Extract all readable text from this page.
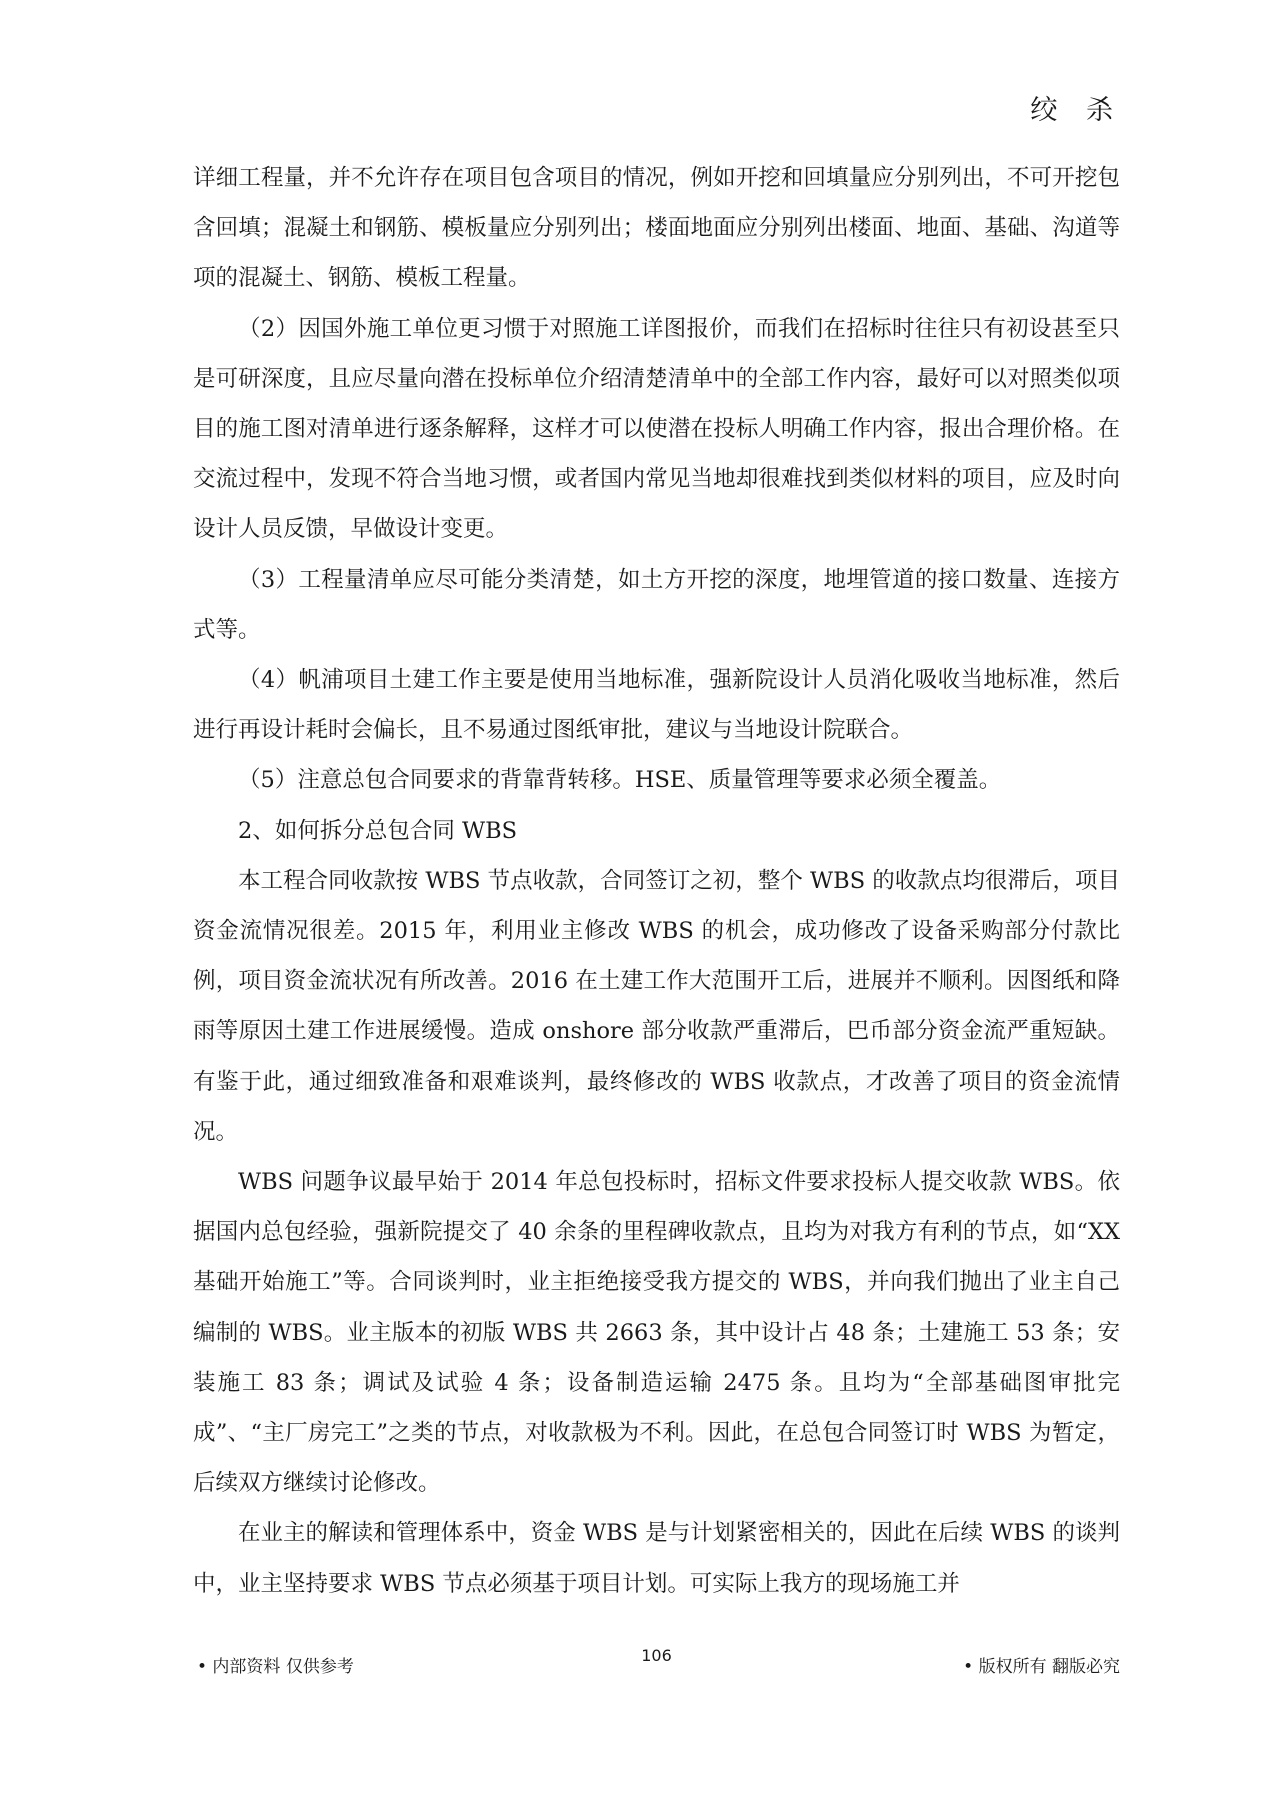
绞 杀

详细工程量，并不允许存在项目包含项目的情况，例如开挖和回填量应分别列出，不可开挖包含回填；混凝土和钢筋、模板量应分别列出；楼面地面应分别列出楼面、地面、基础、沟道等项的混凝土、钢筋、模板工程量。

（2）因国外施工单位更习惯于对照施工详图报价，而我们在招标时往往只有初设甚至只是可研深度，且应尽量向潜在投标单位介绍清楚清单中的全部工作内容，最好可以对照类似项目的施工图对清单进行逐条解释，这样才可以使潜在投标人明确工作内容，报出合理价格。在交流过程中，发现不符合当地习惯，或者国内常见当地却很难找到类似材料的项目，应及时向设计人员反馈，早做设计变更。

（3）工程量清单应尽可能分类清楚，如土方开挖的深度，地埋管道的接口数量、连接方式等。

（4）帆浦项目土建工作主要是使用当地标准，强新院设计人员消化吸收当地标准，然后进行再设计耗时会偏长，且不易通过图纸审批，建议与当地设计院联合。

（5）注意总包合同要求的背靠背转移。HSE、质量管理等要求必须全覆盖。

2、如何拆分总包合同 WBS

本工程合同收款按 WBS 节点收款，合同签订之初，整个 WBS 的收款点均很滞后，项目资金流情况很差。2015 年，利用业主修改 WBS 的机会，成功修改了设备采购部分付款比例，项目资金流状况有所改善。2016 在土建工作大范围开工后，进展并不顺利。因图纸和降雨等原因土建工作进展缓慢。造成 onshore 部分收款严重滞后，巴币部分资金流严重短缺。有鉴于此，通过细致准备和艰难谈判，最终修改的 WBS 收款点，才改善了项目的资金流情况。

WBS 问题争议最早始于 2014 年总包投标时，招标文件要求投标人提交收款 WBS。依据国内总包经验，强新院提交了 40 余条的里程碑收款点，且均为对我方有利的节点，如“XX 基础开始施工”等。合同谈判时，业主拒绝接受我方提交的 WBS，并向我们抛出了业主自己编制的 WBS。业主版本的初版 WBS 共 2663 条，其中设计占 48 条；土建施工 53 条；安装施工 83 条；调试及试验 4 条；设备制造运输 2475 条。且均为“全部基础图审批完成”、“主厂房完工”之类的节点，对收款极为不利。因此，在总包合同签订时 WBS 为暂定，后续双方继续讨论修改。

在业主的解读和管理体系中，资金 WBS 是与计划紧密相关的，因此在后续 WBS 的谈判中，业主坚持要求 WBS 节点必须基于项目计划。可实际上我方的现场施工并

• 内部资料 仅供参考
106
• 版权所有 翻版必究
